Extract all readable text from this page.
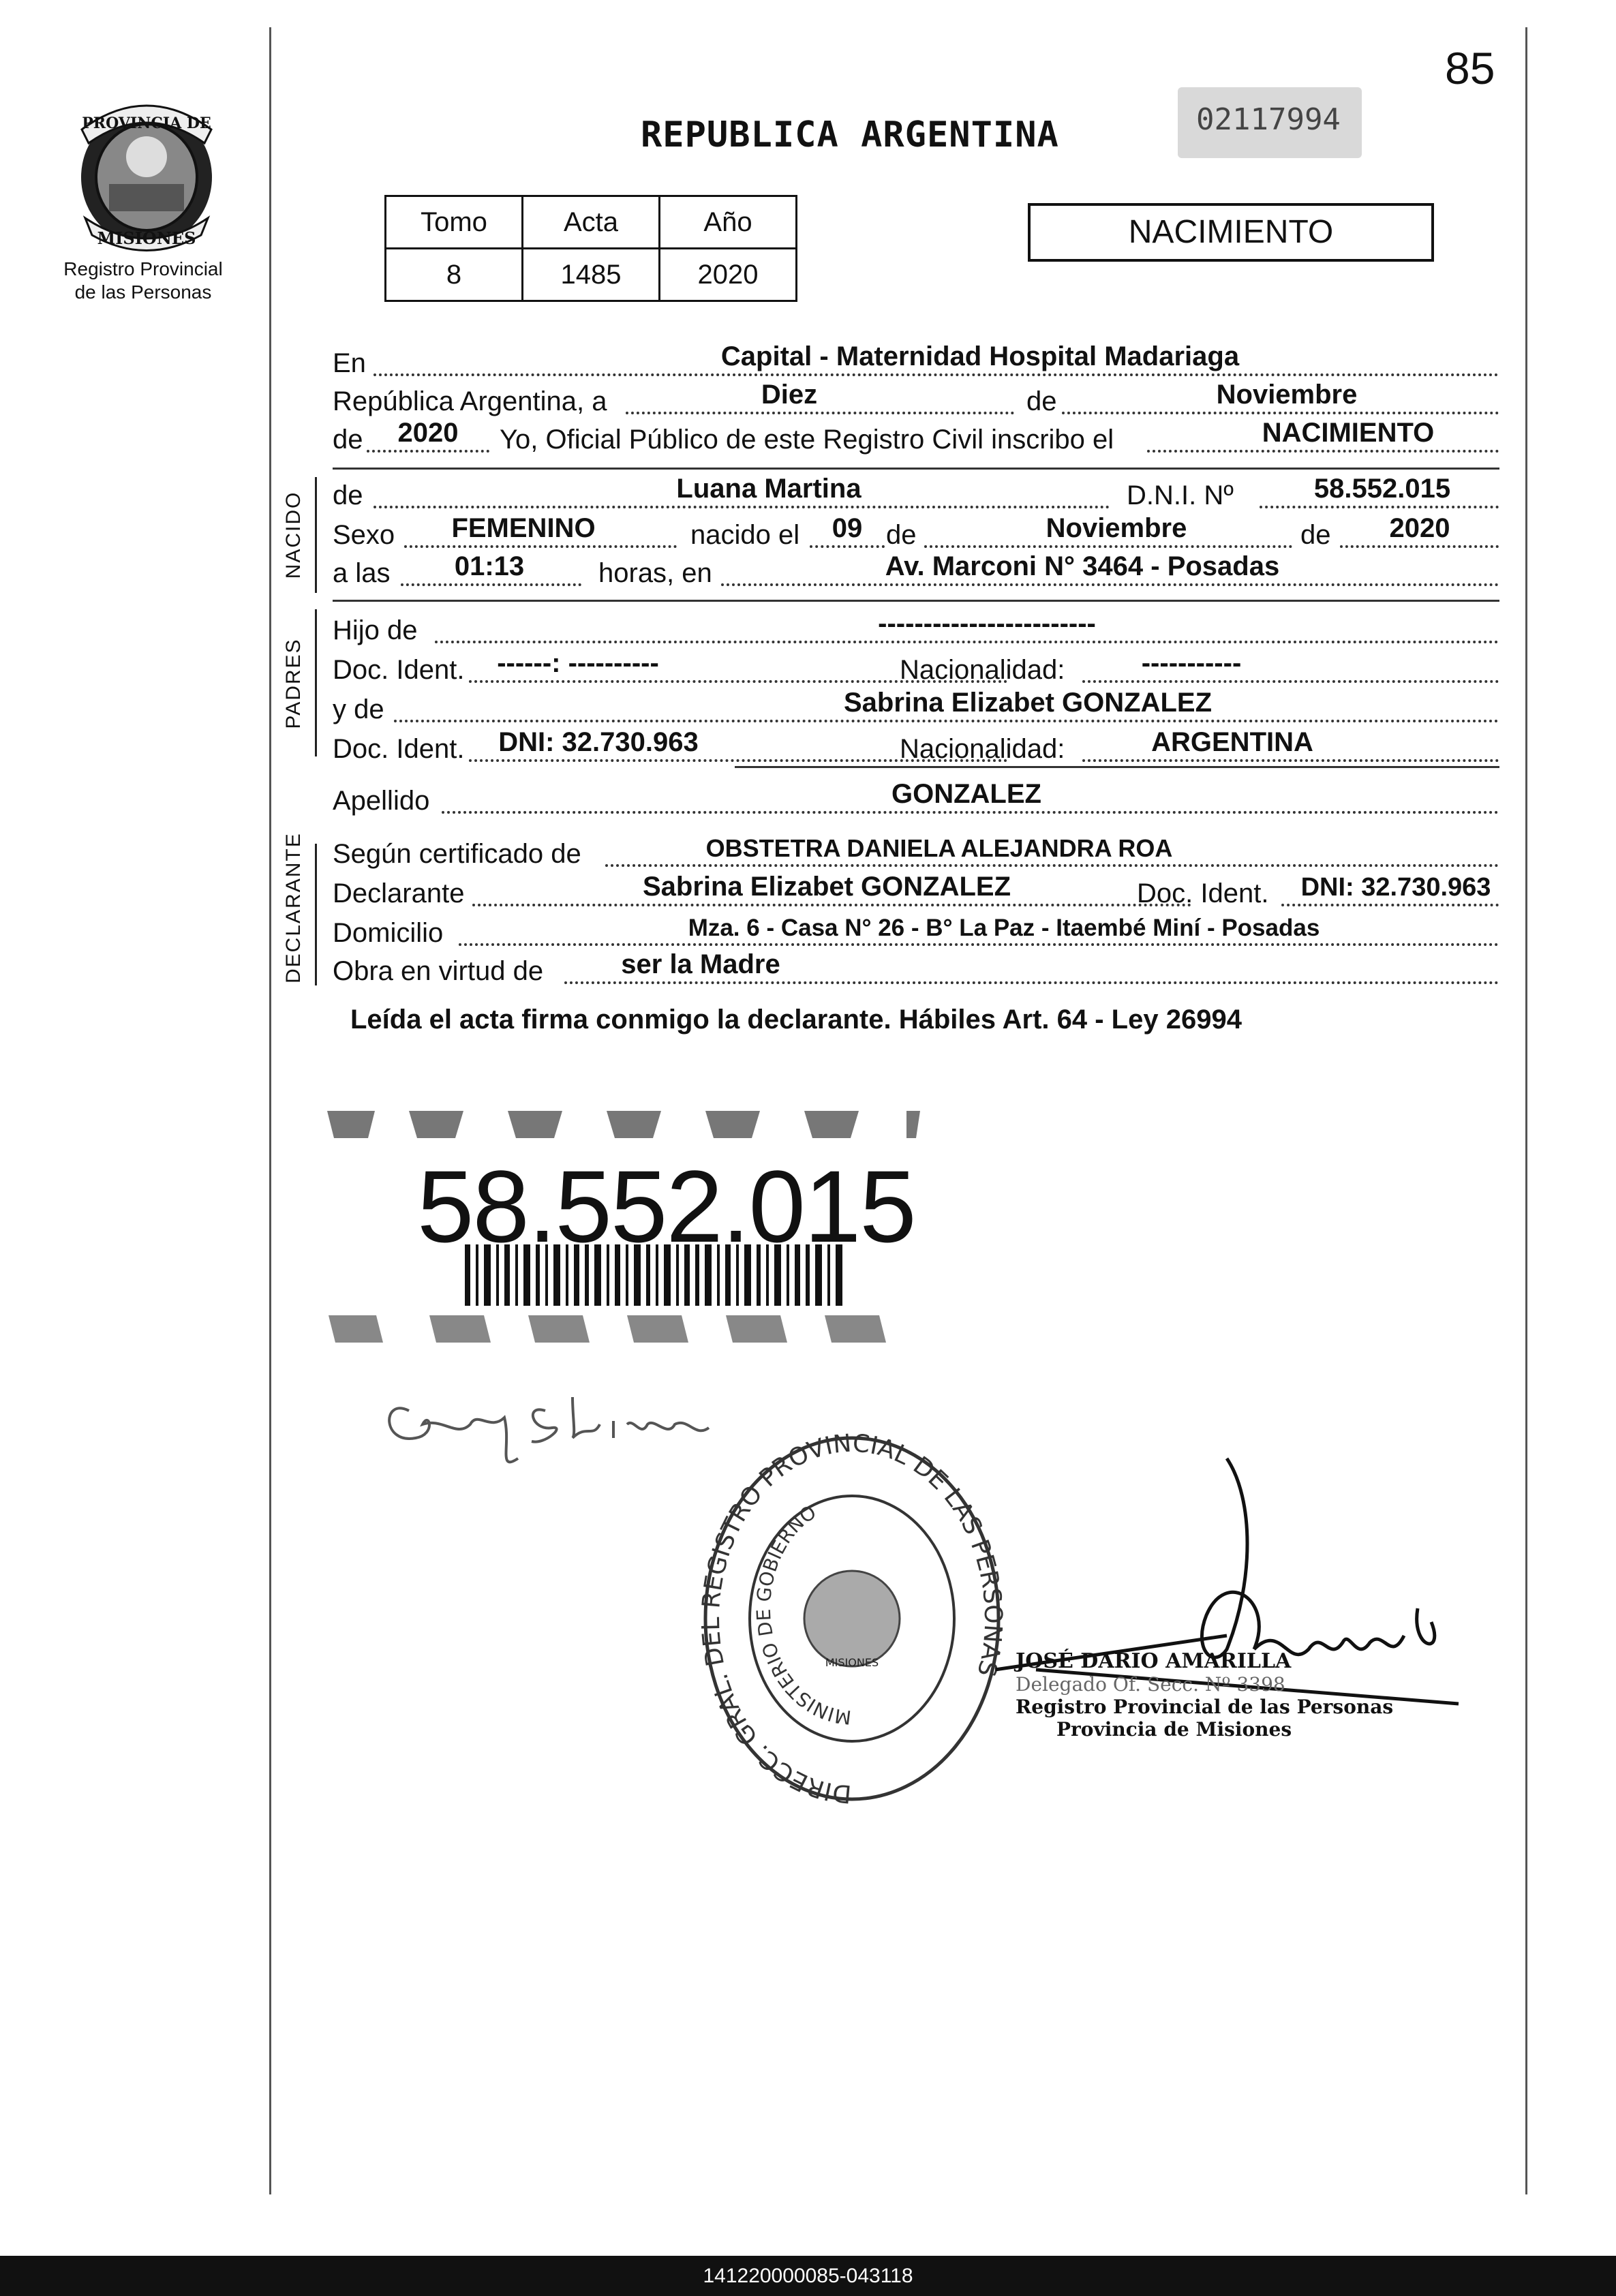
85
PROVINCIA DE
MISIONES
Registro Provincial
de las Personas
REPUBLICA ARGENTINA	02117994
Tomo	Acta	Año
8	1485	2020
NACIMIENTO
En	Capital - Maternidad Hospital Madariaga
República Argentina, a	Diez	de	Noviembre
de	2020	Yo, Oficial Público de este Registro Civil inscribo el	NACIMIENTO
NACIDO de	Luana Martina	D.N.I. Nº	58.552.015
Sexo	FEMENINO	nacido el	09 de	Noviembre	de	2020
a las	01:13	horas, en	Av. Marconi N° 3464 - Posadas
PADRES
Hijo de	------------------------
Doc. Ident.	------: ----------	Nacionalidad:	-----------
y de	Sabrina Elizabet GONZALEZ
Doc. Ident.	DNI: 32.730.963	Nacionalidad:	ARGENTINA
Apellido	GONZALEZ
DECLARANTE Según certificado de	OBSTETRA DANIELA ALEJANDRA ROA
Declarante	Sabrina Elizabet GONZALEZ	Doc. Ident.	DNI: 32.730.963
Domicilio	Mza. 6 - Casa N° 26 - B° La Paz - Itaembé Miní - Posadas
Obra en virtud de	ser la Madre
Leída el acta firma conmigo la declarante. Hábiles Art. 64 - Ley 26994
58.552.015
DIRECC. GRAL. DEL REGISTRO PROVINCIAL DE LAS PERSONAS
MINISTERIO DE GOBIERNO
MISIONES	JOSÉ DARIO AMARILLA
Delegado Of. Secc. Nº 3398
Registro Provincial de las Personas
Provincia de Misiones
141220000085-043118
